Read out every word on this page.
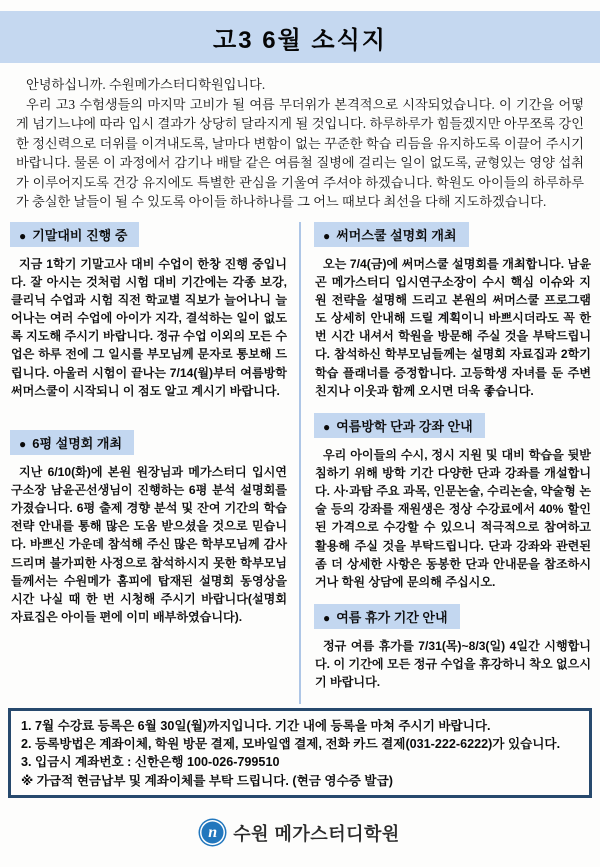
고3 6월 소식지

안녕하십니까. 수원메가스터디학원입니다.

우리 고3 수험생들의 마지막 고비가 될 여름 무더위가 본격적으로 시작되었습니다. 이 기간을 어떻게 넘기느냐에 따라 입시 결과가 상당히 달라지게 될 것입니다. 하루하루가 힘들겠지만 아무쪼록 강인한 정신력으로 더위를 이겨내도록, 날마다 변함이 없는 꾸준한 학습 리듬을 유지하도록 이끌어 주시기 바랍니다. 물론 이 과정에서 감기나 배탈 같은 여름철 질병에 걸리는 일이 없도록, 균형있는 영양 섭취가 이루어지도록 건강 유지에도 특별한 관심을 기울여 주셔야 하겠습니다. 학원도 아이들의 하루하루가 충실한 날들이 될 수 있도록 아이들 하나하나를 그 어느 때보다 최선을 다해 지도하겠습니다.

● 기말대비 진행 중

지금 1학기 기말고사 대비 수업이 한창 진행 중입니다. 잘 아시는 것처럼 시험 대비 기간에는 각종 보강, 클리닉 수업과 시험 직전 학교별 직보가 늘어나니 늘어나는 여러 수업에 아이가 지각, 결석하는 일이 없도록 지도해 주시기 바랍니다. 정규 수업 이외의 모든 수업은 하루 전에 그 일시를 부모님께 문자로 통보해 드립니다. 아울러 시험이 끝나는 7/14(월)부터 여름방학 써머스쿨이 시작되니 이 점도 알고 계시기 바랍니다.

● 6평 설명회 개최

지난 6/10(화)에 본원 원장님과 메가스터디 입시연구소장 남윤곤선생님이 진행하는 6평 분석 설명회를 가졌습니다. 6평 출제 경향 분석 및 잔여 기간의 학습 전략 안내를 통해 많은 도움 받으셨을 것으로 믿습니다. 바쁘신 가운데 참석해 주신 많은 학부모님께 감사드리며 불가피한 사정으로 참석하시지 못한 학부모님들께서는 수원메가 홈피에 탑재된 설명회 동영상을 시간 나실 때 한 번 시청해 주시기 바랍니다(설명회 자료집은 아이들 편에 이미 배부하였습니다).

● 써머스쿨 설명회 개최

오는 7/4(금)에 써머스쿨 설명회를 개최합니다. 남윤곤 메가스터디 입시연구소장이 수시 핵심 이슈와 지원 전략을 설명해 드리고 본원의 써머스쿨 프로그램도 상세히 안내해 드릴 계획이니 바쁘시더라도 꼭 한 번 시간 내셔서 학원을 방문해 주실 것을 부탁드립니다. 참석하신 학부모님들께는 설명회 자료집과 2학기 학습 플래너를 증정합니다. 고등학생 자녀를 둔 주변 친지나 이웃과 함께 오시면 더욱 좋습니다.

● 여름방학 단과 강좌 안내

우리 아이들의 수시, 정시 지원 및 대비 학습을 뒷받침하기 위해 방학 기간 다양한 단과 강좌를 개설합니다. 사·과탐 주요 과목, 인문논술, 수리논술, 약술형 논술 등의 강좌를 재원생은 정상 수강료에서 40% 할인된 가격으로 수강할 수 있으니 적극적으로 참여하고 활용해 주실 것을 부탁드립니다. 단과 강좌와 관련된 좀 더 상세한 사항은 동봉한 단과 안내문을 참조하시거나 학원 상담에 문의해 주십시오.

● 여름 휴가 기간 안내

정규 여름 휴가를 7/31(목)~8/3(일) 4일간 시행합니다. 이 기간에 모든 정규 수업을 휴강하니 착오 없으시기 바랍니다.

1. 7월 수강료 등록은 6월 30일(월)까지입니다. 기간 내에 등록을 마쳐 주시기 바랍니다.

2. 등록방법은 계좌이체, 학원 방문 결제, 모바일앱 결제, 전화 카드 결제(031-222-6222)가 있습니다.

3. 입금시 계좌번호 : 신한은행 100-026-799510

※ 가급적 현금납부 및 계좌이체를 부탁 드립니다. (현금 영수증 발급)

n 수원 메가스터디학원
